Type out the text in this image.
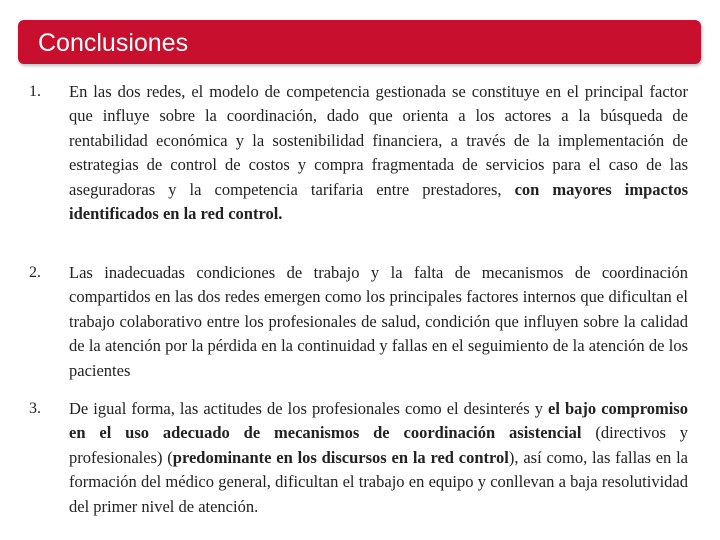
Conclusiones
1. En las dos redes, el modelo de competencia gestionada se constituye en el principal factor que influye sobre la coordinación, dado que orienta a los actores a la búsqueda de rentabilidad económica y la sostenibilidad financiera, a través de la implementación de estrategias de control de costos y compra fragmentada de servicios para el caso de las aseguradoras y la competencia tarifaria entre prestadores, con mayores impactos identificados en la red control.
2. Las inadecuadas condiciones de trabajo y la falta de mecanismos de coordinación compartidos en las dos redes emergen como los principales factores internos que dificultan el trabajo colaborativo entre los profesionales de salud, condición que influyen sobre la calidad de la atención por la pérdida en la continuidad y fallas en el seguimiento de la atención de los pacientes
3. De igual forma, las actitudes de los profesionales como el desinterés y el bajo compromiso en el uso adecuado de mecanismos de coordinación asistencial (directivos y profesionales) (predominante en los discursos en la red control), así como, las fallas en la formación del médico general, dificultan el trabajo en equipo y conllevan a baja resolutividad del primer nivel de atención.
